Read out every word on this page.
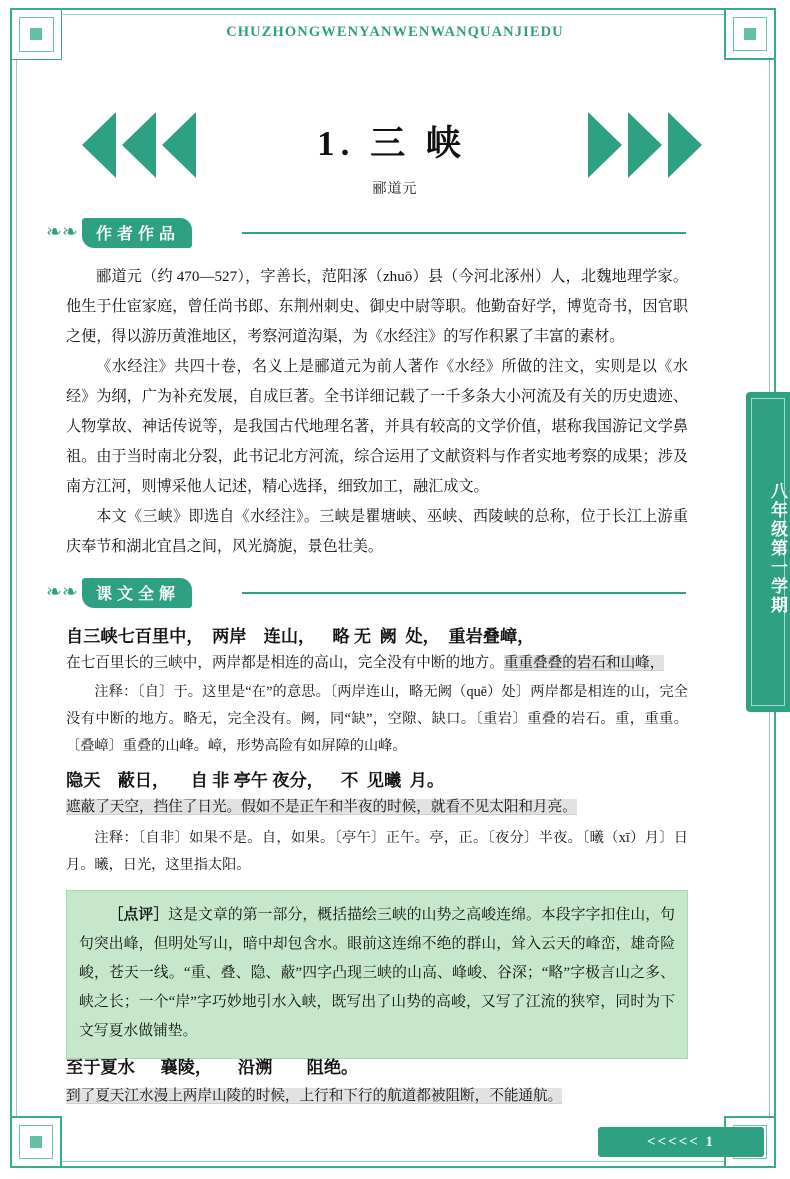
CHUZHONGWENYANWENWANQUANJIEDU
1. 三 峡
郦道元
❧❧	作者作品
郦道元（约 470—527），字善长，范阳涿（zhuō）县（今河北涿州）人，北魏地理学家。他生于仕宦家庭，曾任尚书郎、东荆州刺史、御史中尉等职。他勤奋好学，博览奇书，因官职之便，得以游历黄淮地区，考察河道沟渠，为《水经注》的写作积累了丰富的素材。
《水经注》共四十卷，名义上是郦道元为前人著作《水经》所做的注文，实则是以《水经》为纲，广为补充发展，自成巨著。全书详细记载了一千多条大小河流及有关的历史遗迹、人物掌故、神话传说等，是我国古代地理名著，并具有较高的文学价值，堪称我国游记文学鼻祖。由于当时南北分裂，此书记北方河流，综合运用了文献资料与作者实地考察的成果；涉及南方江河，则博采他人记述，精心选择，细致加工，融汇成文。
本文《三峡》即选自《水经注》。三峡是瞿塘峡、巫峡、西陵峡的总称，位于长江上游重庆奉节和湖北宜昌之间，风光旖旎，景色壮美。
❧❧	课文全解
自三峡七百里中，  两岸    连山，    略 无  阙  处，  重岩叠嶂，
在七百里长的三峡中，两岸都是相连的高山，完全没有中断的地方。重重叠叠的岩石和山峰，
注释：〔自〕于。这里是“在”的意思。〔两岸连山，略无阙（quē）处〕两岸都是相连的山，完全没有中断的地方。略无，完全没有。阙，同“缺”，空隙、缺口。〔重岩〕重叠的岩石。重，重重。〔叠嶂〕重叠的山峰。嶂，形势高险有如屏障的山峰。
隐天    蔽日，     自 非 亭午 夜分，    不  见曦  月。
遮蔽了天空，挡住了日光。假如不是正午和半夜的时候，就看不见太阳和月亮。
注释：〔自非〕如果不是。自，如果。〔亭午〕正午。亭，正。〔夜分〕半夜。〔曦（xī）月〕日月。曦，日光，这里指太阳。
［点评］这是文章的第一部分，概括描绘三峡的山势之高峻连绵。本段字字扣住山，句句突出峰，但明处写山，暗中却包含水。眼前这连绵不绝的群山，耸入云天的峰峦，雄奇险峻，苍天一线。“重、叠、隐、蔽”四字凸现三峡的山高、峰峻、谷深；“略”字极言山之多、峡之长；一个“岸”字巧妙地引水入峡，既写出了山势的高峻，又写了江流的狭窄，同时为下文写夏水做铺垫。
至于夏水      襄陵，      沿溯        阻绝。
到了夏天江水漫上两岸山陵的时候，上行和下行的航道都被阻断，不能通航。
八年级第一学期
<<<<< 1
